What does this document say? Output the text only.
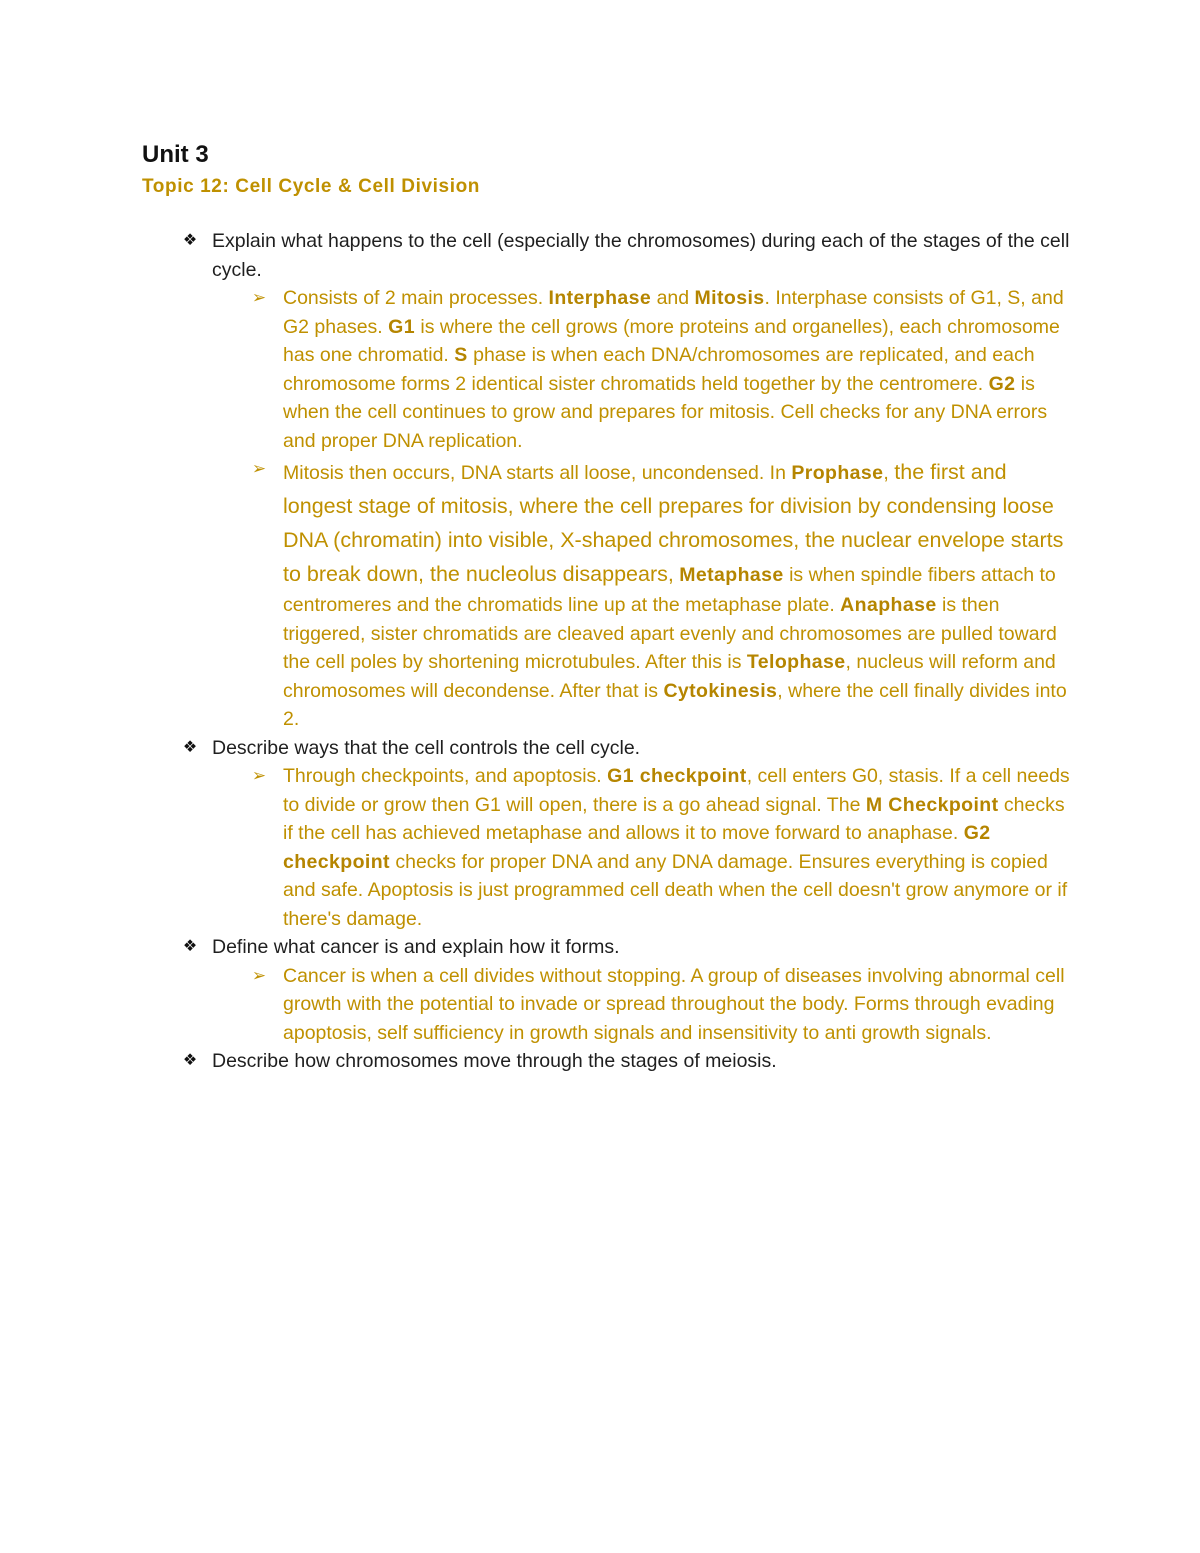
Unit 3
Topic 12: Cell Cycle & Cell Division
❖ Explain what happens to the cell (especially the chromosomes) during each of the stages of the cell cycle.
➢ Consists of 2 main processes. Interphase and Mitosis. Interphase consists of G1, S, and G2 phases. G1 is where the cell grows (more proteins and organelles), each chromosome has one chromatid. S phase is when each DNA/chromosomes are replicated, and each chromosome forms 2 identical sister chromatids held together by the centromere. G2 is when the cell continues to grow and prepares for mitosis. Cell checks for any DNA errors and proper DNA replication.
➢ Mitosis then occurs, DNA starts all loose, uncondensed. In Prophase, the first and longest stage of mitosis, where the cell prepares for division by condensing loose DNA (chromatin) into visible, X-shaped chromosomes, the nuclear envelope starts to break down, the nucleolus disappears, Metaphase is when spindle fibers attach to centromeres and the chromatids line up at the metaphase plate. Anaphase is then triggered, sister chromatids are cleaved apart evenly and chromosomes are pulled toward the cell poles by shortening microtubules. After this is Telophase, nucleus will reform and chromosomes will decondense. After that is Cytokinesis, where the cell finally divides into 2.
❖ Describe ways that the cell controls the cell cycle.
➢ Through checkpoints, and apoptosis. G1 checkpoint, cell enters G0, stasis. If a cell needs to divide or grow then G1 will open, there is a go ahead signal. The M Checkpoint checks if the cell has achieved metaphase and allows it to move forward to anaphase. G2 checkpoint checks for proper DNA and any DNA damage. Ensures everything is copied and safe. Apoptosis is just programmed cell death when the cell doesn't grow anymore or if there's damage.
❖ Define what cancer is and explain how it forms.
➢ Cancer is when a cell divides without stopping. A group of diseases involving abnormal cell growth with the potential to invade or spread throughout the body. Forms through evading apoptosis, self sufficiency in growth signals and insensitivity to anti growth signals.
❖ Describe how chromosomes move through the stages of meiosis.
